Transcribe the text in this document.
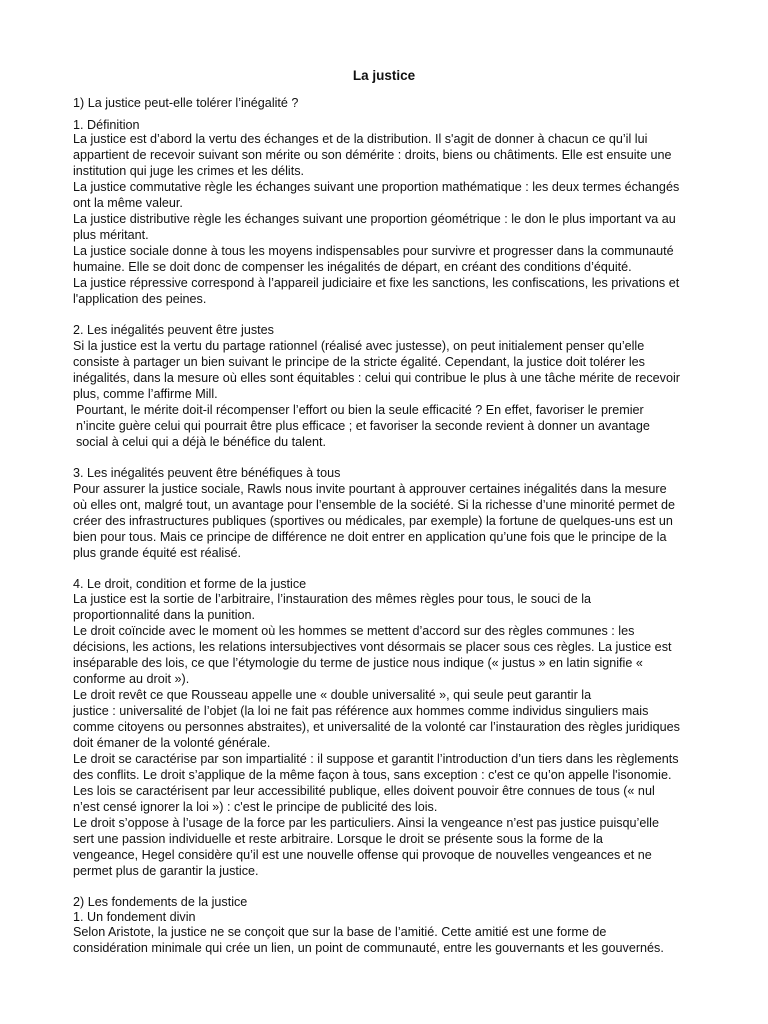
La justice
1) La justice peut-elle tolérer l’inégalité ?
1. Définition
La justice est d’abord la vertu des échanges et de la distribution. Il s'agit de donner à chacun ce qu’il lui
appartient de recevoir suivant son mérite ou son démérite : droits, biens ou châtiments. Elle est ensuite une
institution qui juge les crimes et les délits.
La justice commutative règle les échanges suivant une proportion mathématique : les deux termes échangés
ont la même valeur.
La justice distributive règle les échanges suivant une proportion géométrique : le don le plus important va au
plus méritant.
La justice sociale donne à tous les moyens indispensables pour survivre et progresser dans la communauté
humaine. Elle se doit donc de compenser les inégalités de départ, en créant des conditions d’équité.
La justice répressive correspond à l’appareil judiciaire et fixe les sanctions, les confiscations, les privations et
l'application des peines.
2. Les inégalités peuvent être justes
Si la justice est la vertu du partage rationnel (réalisé avec justesse), on peut initialement penser qu’elle
consiste à partager un bien suivant le principe de la stricte égalité. Cependant, la justice doit tolérer les
inégalités, dans la mesure où elles sont équitables : celui qui contribue le plus à une tâche mérite de recevoir
plus, comme l’affirme Mill.
Pourtant, le mérite doit-il récompenser l’effort ou bien la seule efficacité ? En effet, favoriser le premier
n’incite guère celui qui pourrait être plus efficace ; et favoriser la seconde revient à donner un avantage
social à celui qui a déjà le bénéfice du talent.
3. Les inégalités peuvent être bénéfiques à tous
Pour assurer la justice sociale, Rawls nous invite pourtant à approuver certaines inégalités dans la mesure
où elles ont, malgré tout, un avantage pour l’ensemble de la société. Si la richesse d’une minorité permet de
créer des infrastructures publiques (sportives ou médicales, par exemple) la fortune de quelques-uns est un
bien pour tous. Mais ce principe de différence ne doit entrer en application qu’une fois que le principe de la
plus grande équité est réalisé.
4. Le droit, condition et forme de la justice
La justice est la sortie de l’arbitraire, l’instauration des mêmes règles pour tous, le souci de la
proportionnalité dans la punition.
Le droit coïncide avec le moment où les hommes se mettent d’accord sur des règles communes : les
décisions, les actions, les relations intersubjectives vont désormais se placer sous ces règles. La justice est
inséparable des lois, ce que l’étymologie du terme de justice nous indique (« justus » en latin signifie «
conforme au droit »).
Le droit revêt ce que Rousseau appelle une « double universalité », qui seule peut garantir la
justice : universalité de l’objet (la loi ne fait pas référence aux hommes comme individus singuliers mais
comme citoyens ou personnes abstraites), et universalité de la volonté car l’instauration des règles juridiques
doit émaner de la volonté générale.
Le droit se caractérise par son impartialité : il suppose et garantit l’introduction d’un tiers dans les règlements
des conflits. Le droit s’applique de la même façon à tous, sans exception : c'est ce qu’on appelle l'isonomie.
Les lois se caractérisent par leur accessibilité publique, elles doivent pouvoir être connues de tous (« nul
n’est censé ignorer la loi ») : c'est le principe de publicité des lois.
Le droit s’oppose à l’usage de la force par les particuliers. Ainsi la vengeance n’est pas justice puisqu’elle
sert une passion individuelle et reste arbitraire. Lorsque le droit se présente sous la forme de la
vengeance, Hegel considère qu’il est une nouvelle offense qui provoque de nouvelles vengeances et ne
permet plus de garantir la justice.
2) Les fondements de la justice
1. Un fondement divin
Selon Aristote, la justice ne se conçoit que sur la base de l’amitié. Cette amitié est une forme de
considération minimale qui crée un lien, un point de communauté, entre les gouvernants et les gouvernés.
